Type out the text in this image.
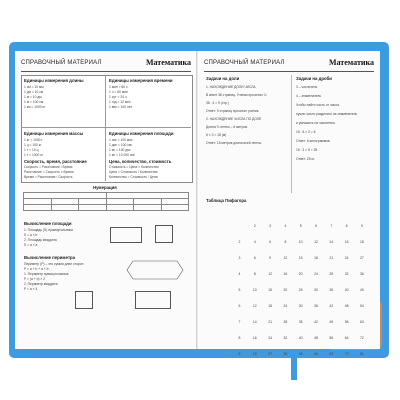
СПРАВОЧНЫЙ МАТЕРИАЛ	Математика
Единицы измерения длины
1 см = 10 мм
1 дм = 10 см
1 м = 10 дм
1 м = 100 см
1 км = 1000 м
Единицы измерения времени
1 мин = 60 с
1 ч = 60 мин
1 сут = 24 ч
1 год = 12 мес
1 век = 100 лет
Единицы измерения массы
1 кг = 1000 г
1 ц = 100 кг
1 т = 10 ц
1 т = 1000 кг
Единицы измерения площади
1 см² = 100 мм²
1 дм² = 100 см²
1 м² = 100 дм²
1 м² = 10 000 см²
Скорость, время, расстояние
Скорость = Расстояние / Время
Расстояние = Скорость × Время
Время = Расстояние / Скорость
Цена, количество, стоимость
Стоимость = Цена × Количество
Цена = Стоимость / Количество
Количество = Стоимость / Цена
Нумерация

Вычисление площади
1. Площадь (S) прямоугольника
S = a × b
2. Площадь квадрата
S = a × a
Вычисление периметра
Периметр (P) – это сумма длин сторон
P = a + b + a + b
1. Периметр прямоугольника
P = (a + b) × 2
2. Периметр квадрата
P = a × 4
СПРАВОЧНЫЙ МАТЕРИАЛ	Математика
Задачи на доли
1. НАХОЖДЕНИЕ ДОЛИ ЧИСЛА
В книге 36 страниц. Ученик прочитал ¼
36 : 4 = 9 (стр.)
Ответ: 9 страниц прочитал ученик.
2. НАХОЖДЕНИЕ ЧИСЛА ПО ДОЛЕ
Длина ⅓ ленты – 6 метров.
6 × 3 = 18 (м)
Ответ: 18 метров длина всей ленты.
Задачи на дроби
3 – числитель
4 – знаменатель
Чтобы найти часть от числа,
нужно число разделить на знаменатель
и умножить на числитель.
15 : 5 × 2 = 6
Ответ: 6 килограммов.
15 : 3 × 5 = 25
Ответ: 25 кг.
Таблица Пифагора
2	3	4	5	6	7	8	9
2	4	6	8	10	12	14	16	18
3	6	9	12	15	18	21	24	27
4	8	12	16	20	24	28	32	36
5	10	15	20	25	30	35	40	45
6	12	18	24	30	36	42	48	54
7	14	21	28	35	42	49	56	63
8	16	24	32	40	48	56	64	72
9	18	27	36	45	54	63	72	81
